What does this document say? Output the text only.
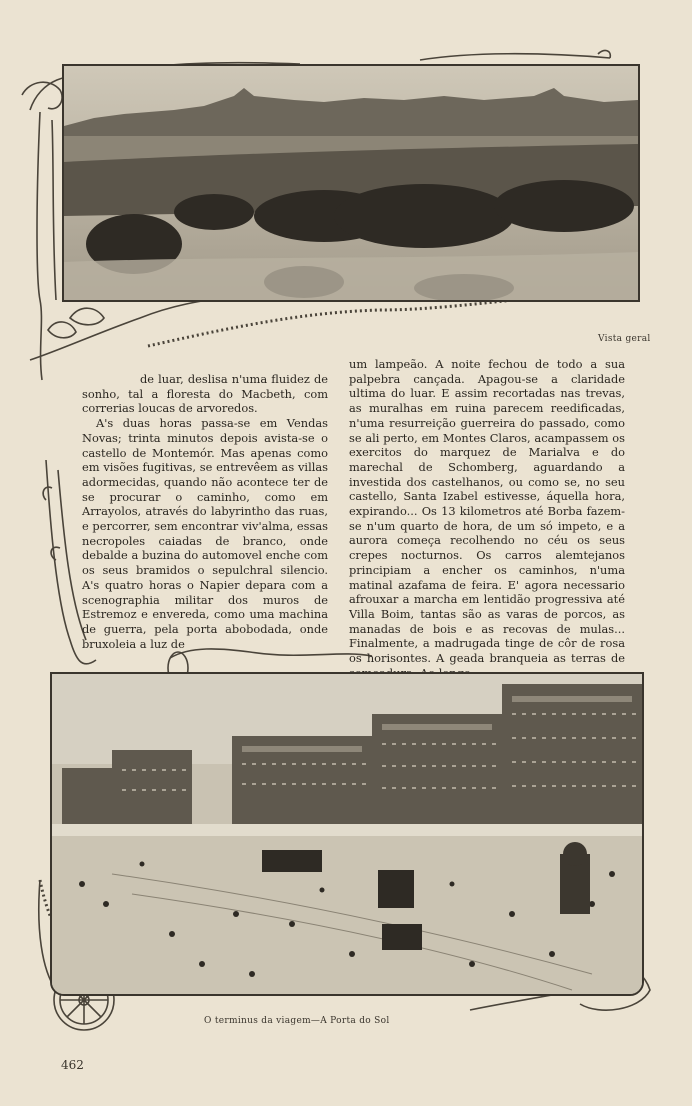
Vista geral

de luar, deslisa n'uma fluidez de sonho, tal a floresta do Macbeth, com correrias loucas de arvoredos.

A's duas horas passa-se em Vendas Novas; trinta minutos depois avista-se o castello de Montemór. Mas apenas como em visões fugitivas, se entrevêem as villas adormecidas, quando não acontece ter de se procurar o caminho, como em Arrayolos, através do labyrintho das ruas, e percorrer, sem encontrar viv'alma, essas necropoles caiadas de branco, onde debalde a buzina do automovel enche com os seus bramidos o sepulchral silencio. A's quatro horas o Napier depara com a scenographia militar dos muros de Estremoz e envereda, como uma machina de guerra, pela porta abobodada, onde bruxoleia a luz de

um lampeão. A noite fechou de todo a sua palpebra cançada. Apagou-se a claridade ultima do luar. E assim recortadas nas trevas, as muralhas em ruina parecem reedificadas, n'uma resurreição guerreira do passado, como se ali perto, em Montes Claros, acampassem os exercitos do marquez de Marialva e do marechal de Schomberg, aguardando a investida dos castelhanos, ou como se, no seu castello, Santa Izabel estivesse, áquella hora, expirando... Os 13 kilometros até Borba fazem-se n'um quarto de hora, de um só impeto, e a aurora começa recolhendo no céu os seus crepes nocturnos. Os carros alemtejanos principiam a encher os caminhos, n'uma matinal azafama de feira. E' agora necessario afrouxar a marcha em lentidão progressiva até Villa Boim, tantas são as varas de porcos, as manadas de bois e as recovas de mulas... Finalmente, a madrugada tinge de côr de rosa os horisontes. A geada branqueia as terras de

O terminus da viagem—A Porta do Sol
462
